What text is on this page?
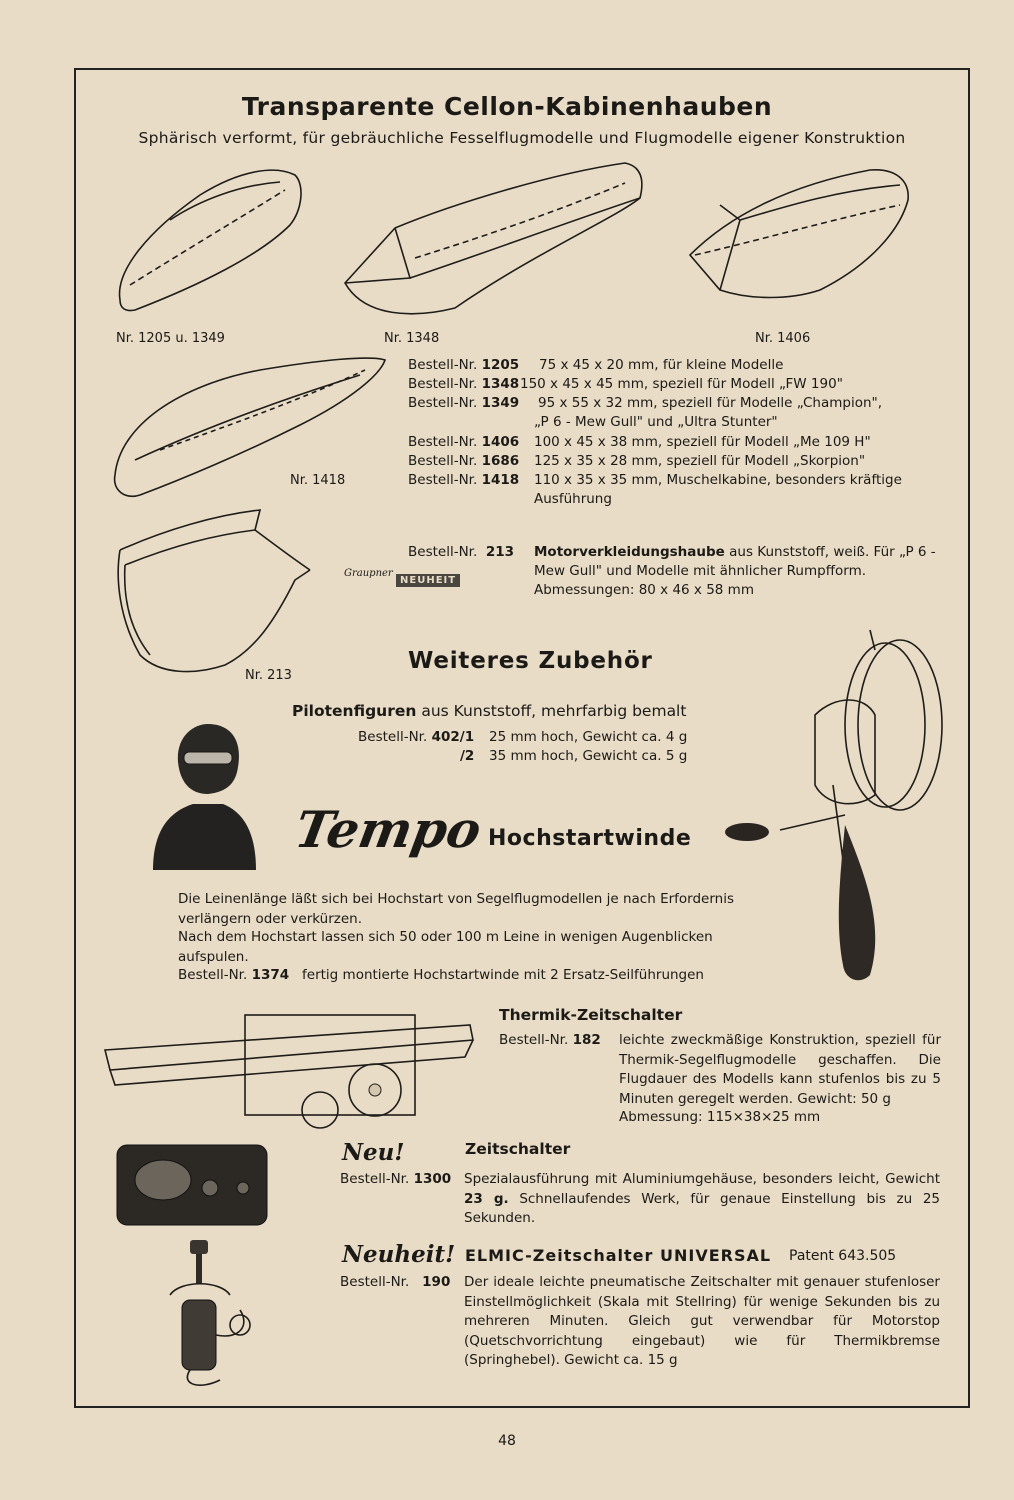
Transparente Cellon-Kabinenhauben
Sphärisch verformt, für gebräuchliche Fesselflugmodelle und Flugmodelle eigener Konstruktion
Nr. 1205 u. 1349	Nr. 1348	Nr. 1406
Nr. 1418
Nr. 213
Bestell-Nr. 1205	75 x 45 x 20 mm, für kleine Modelle
Bestell-Nr. 1348 150 x 45 x 45 mm, speziell für Modell „FW 190"
Bestell-Nr. 1349 95 x 55 x 32 mm, speziell für Modelle „Champion",
„P 6 - Mew Gull" und „Ultra Stunter"
Bestell-Nr. 1406 100 x 45 x 38 mm, speziell für Modell „Me 109 H"
Bestell-Nr. 1686 125 x 35 x 28 mm, speziell für Modell „Skorpion"
Bestell-Nr. 1418 110 x 35 x 35 mm, Muschelkabine, besonders kräftige
Ausführung
Bestell-Nr. 213 Motorverkleidungshaube aus Kunststoff, weiß. Für „P 6 -
Mew Gull" und Modelle mit ähnlicher Rumpfform.
Abmessungen: 80 x 46 x 58 mm
Graupner
NEUHEIT
Weiteres Zubehör
Pilotenfiguren aus Kunststoff, mehrfarbig bemalt
Bestell-Nr. 402/1 25 mm hoch, Gewicht ca. 4 g
/2 35 mm hoch, Gewicht ca. 5 g
Tempo Hochstartwinde
Die Leinenlänge läßt sich bei Hochstart von Segelflugmodellen je nach Erfordernis verlängern oder verkürzen.
Nach dem Hochstart lassen sich 50 oder 100 m Leine in wenigen Augenblicken aufspulen.
Bestell-Nr. 1374 fertig montierte Hochstartwinde mit 2 Ersatz-Seilführungen
Thermik-Zeitschalter
Bestell-Nr. 182 leichte zweckmäßige Konstruktion, speziell für Thermik-Segelflugmodelle geschaffen. Die Flugdauer des Modells kann stufenlos bis zu 5 Minuten geregelt werden. Gewicht: 50 g
Abmessung: 115×38×25 mm
Neu!	Zeitschalter
Bestell-Nr. 1300 Spezialausführung mit Aluminiumgehäuse, besonders leicht, Gewicht 23 g. Schnellaufendes Werk, für genaue Einstellung bis zu 25 Sekunden.
Neuheit! ELMIC-Zeitschalter UNIVERSAL Patent 643.505
Bestell-Nr. 190 Der ideale leichte pneumatische Zeitschalter mit genauer stufenloser Einstellmöglichkeit (Skala mit Stellring) für wenige Sekunden bis zu mehreren Minuten. Gleich gut verwendbar für Motorstop (Quetschvorrichtung eingebaut) wie für Thermikbremse (Springhebel). Gewicht ca. 15 g
48
